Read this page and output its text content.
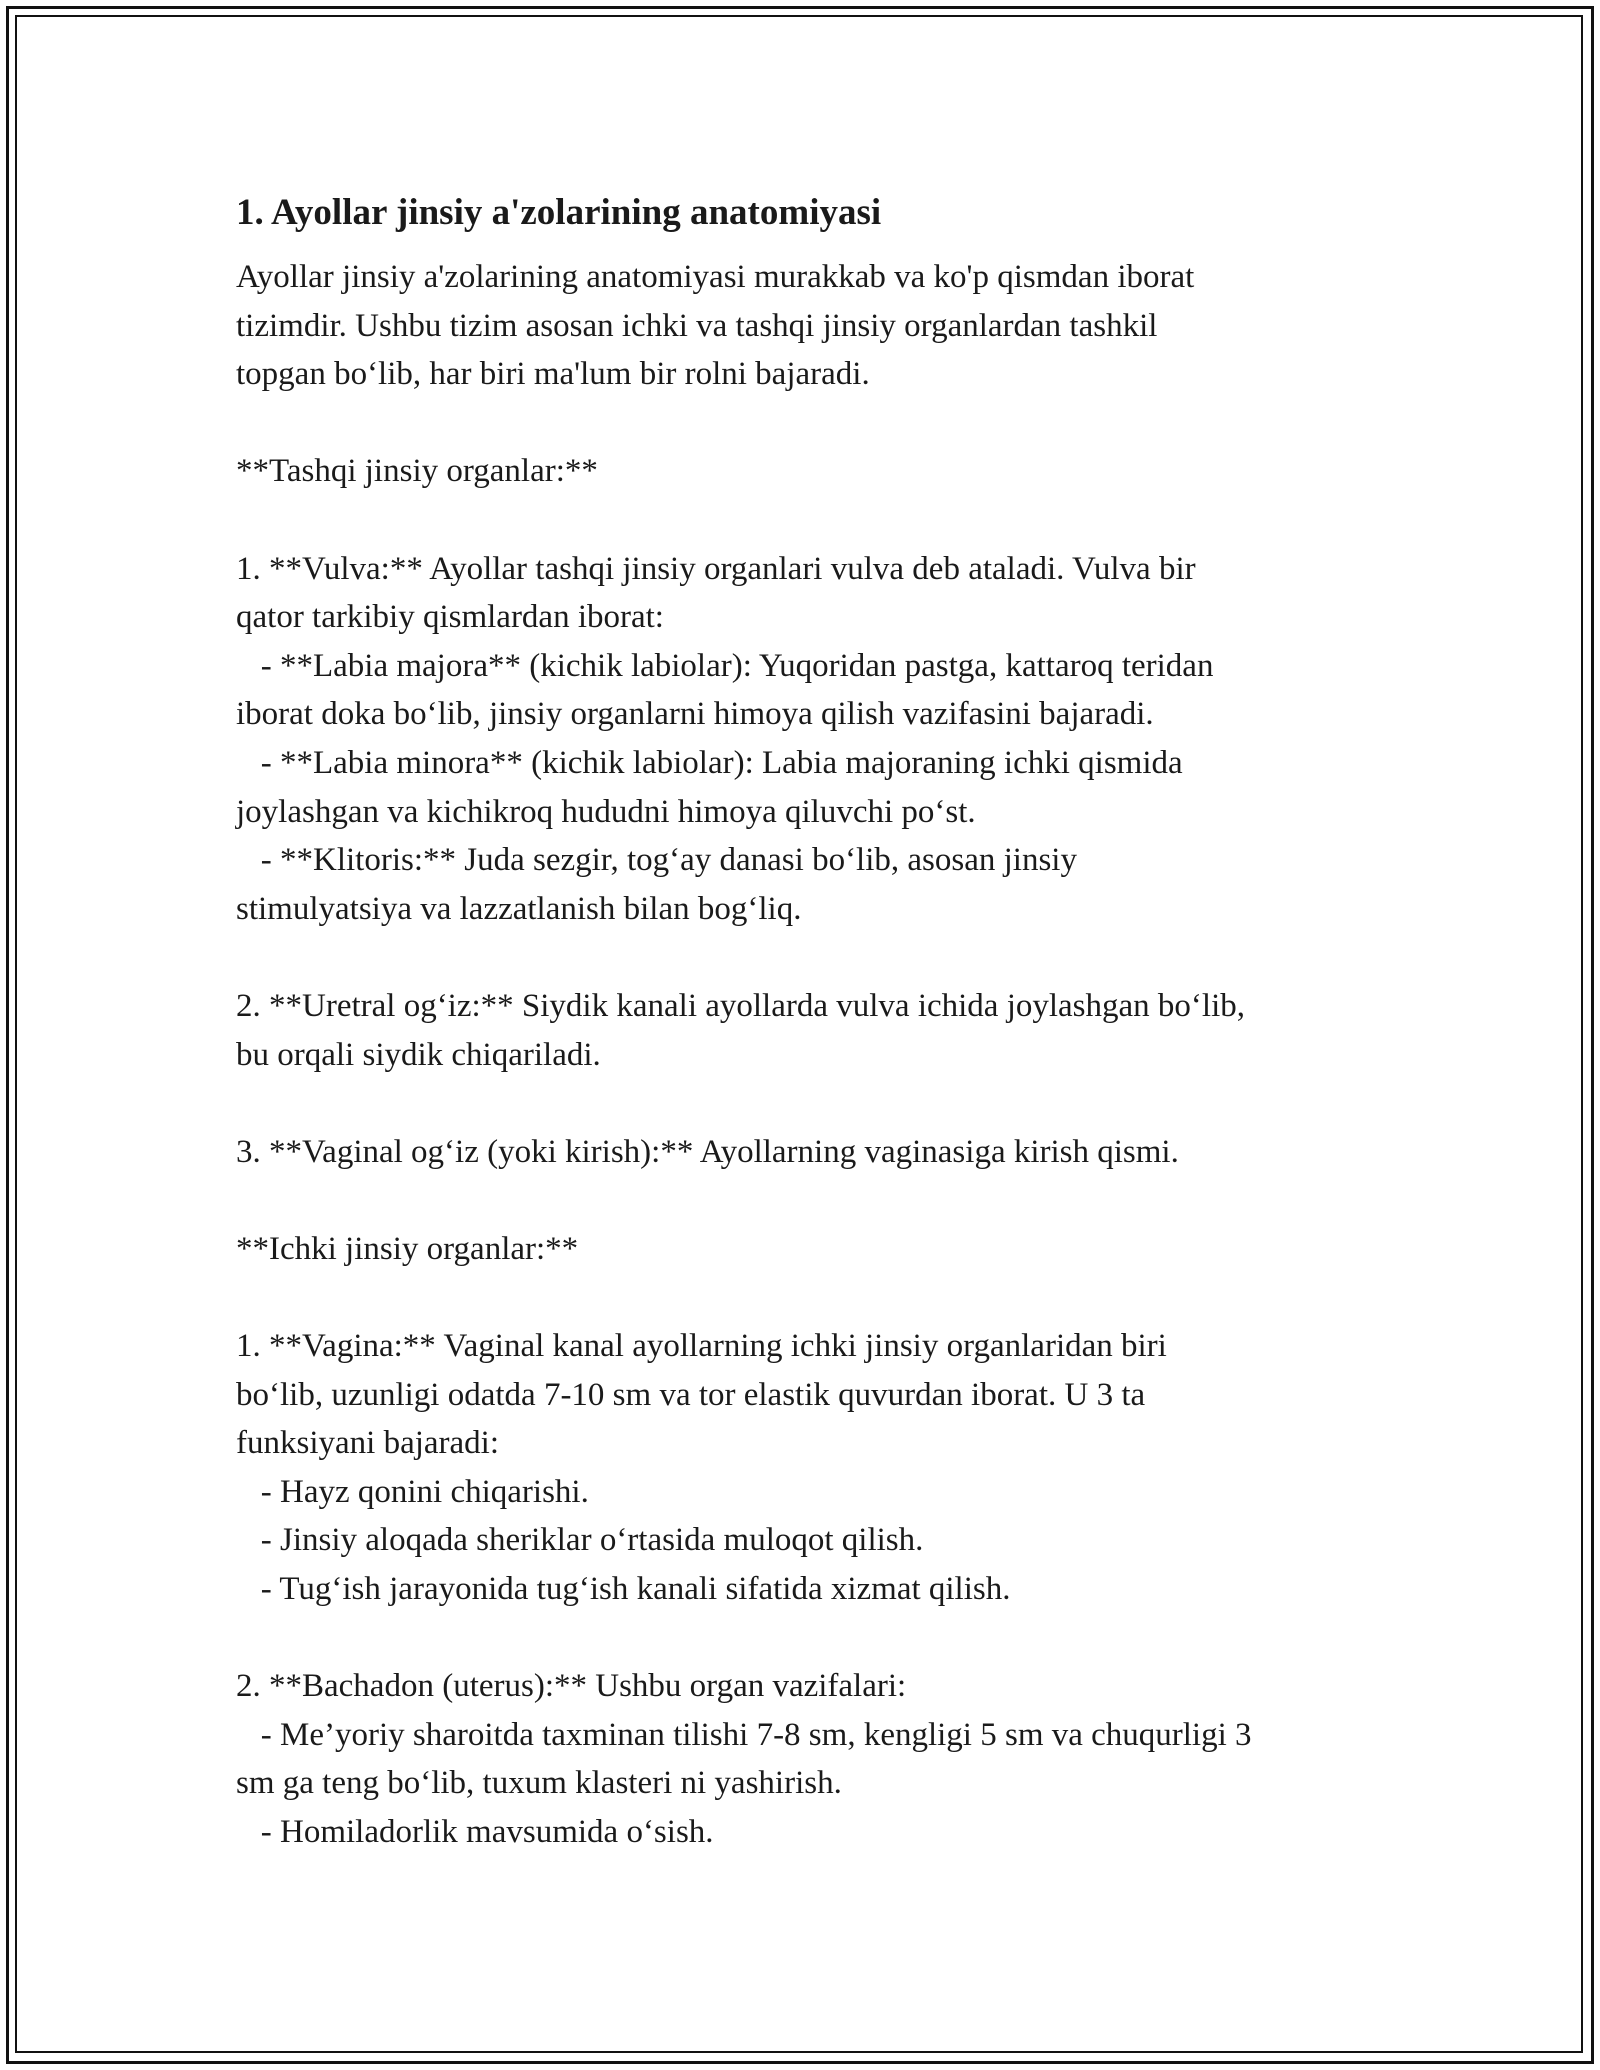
1. Ayollar jinsiy a'zolarining anatomiyasi
Ayollar jinsiy a'zolarining anatomiyasi murakkab va ko'p qismdan iborat
tizimdir. Ushbu tizim asosan ichki va tashqi jinsiy organlardan tashkil
topgan bo‘lib, har biri ma'lum bir rolni bajaradi.
**Tashqi jinsiy organlar:**
1. **Vulva:** Ayollar tashqi jinsiy organlari vulva deb ataladi. Vulva bir
qator tarkibiy qismlardan iborat:
- **Labia majora** (kichik labiolar): Yuqoridan pastga, kattaroq teridan
iborat doka bo‘lib, jinsiy organlarni himoya qilish vazifasini bajaradi.
- **Labia minora** (kichik labiolar): Labia majoraning ichki qismida
joylashgan va kichikroq hududni himoya qiluvchi po‘st.
- **Klitoris:** Juda sezgir, tog‘ay danasi bo‘lib, asosan jinsiy
stimulyatsiya va lazzatlanish bilan bog‘liq.
2. **Uretral og‘iz:** Siydik kanali ayollarda vulva ichida joylashgan bo‘lib,
bu orqali siydik chiqariladi.
3. **Vaginal og‘iz (yoki kirish):** Ayollarning vaginasiga kirish qismi.
**Ichki jinsiy organlar:**
1. **Vagina:** Vaginal kanal ayollarning ichki jinsiy organlaridan biri
bo‘lib, uzunligi odatda 7-10 sm va tor elastik quvurdan iborat. U 3 ta
funksiyani bajaradi:
- Hayz qonini chiqarishi.
- Jinsiy aloqada sheriklar o‘rtasida muloqot qilish.
- Tug‘ish jarayonida tug‘ish kanali sifatida xizmat qilish.
2. **Bachadon (uterus):** Ushbu organ vazifalari:
- Me’yoriy sharoitda taxminan tilishi 7-8 sm, kengligi 5 sm va chuqurligi 3
sm ga teng bo‘lib, tuxum klasteri ni yashirish.
- Homiladorlik mavsumida o‘sish.
